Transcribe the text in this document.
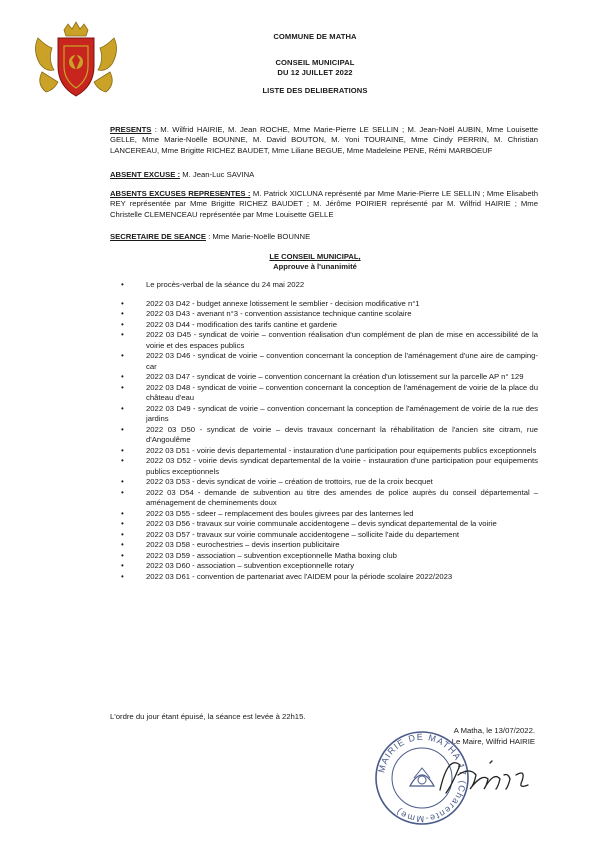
COMMUNE DE MATHA
CONSEIL MUNICIPAL
DU 12 JUILLET 2022
LISTE DES DELIBERATIONS
PRESENTS : M. Wilfrid HAIRIE, M. Jean ROCHE, Mme Marie-Pierre LE SELLIN ; M. Jean-Noël AUBIN, Mme Louisette GELLE, Mme Marie-Noëlle BOUNNE, M. David BOUTON, M. Yoni TOURAINE, Mme Cindy PERRIN, M. Christian LANCEREAU, Mme Brigitte RICHEZ BAUDET, Mme Liliane BEGUE, Mme Madeleine PENE, Rémi MARBOEUF
ABSENT EXCUSE : M. Jean-Luc SAVINA
ABSENTS EXCUSES REPRESENTES : M. Patrick XICLUNA représenté par Mme Marie-Pierre LE SELLIN ; Mme Elisabeth REY représentée par Mme Brigitte RICHEZ BAUDET ; M. Jérôme POIRIER représenté par M. Wilfrid HAIRIE ; Mme Christelle CLEMENCEAU représentée par Mme Louisette GELLE
SECRETAIRE DE SEANCE : Mme Marie-Noëlle BOUNNE
LE CONSEIL MUNICIPAL,
Approuve à l'unanimité
• Le procès-verbal de la séance du 24 mai 2022
• 2022 03 D42 - budget annexe lotissement le semblier - decision modificative n°1
• 2022 03 D43 - avenant n°3 - convention assistance technique cantine scolaire
• 2022 03 D44 - modification des tarifs cantine et garderie
• 2022 03 D45 - syndicat de voirie – convention réalisation d'un complément de plan de mise en accessibilité de la voirie et des espaces publics
• 2022 03 D46 - syndicat de voirie – convention concernant la conception de l'aménagement d'une aire de camping-car
• 2022 03 D47 - syndicat de voirie – convention concernant la création d'un lotissement sur la parcelle AP n° 129
• 2022 03 D48 - syndicat de voirie – convention concernant la conception de l'aménagement de voirie de la place du château d'eau
• 2022 03 D49 - syndicat de voirie – convention concernant la conception de l'aménagement de voirie de la rue des jardins
• 2022 03 D50 - syndicat de voirie – devis travaux concernant la réhabilitation de l'ancien site citram, rue d'Angoulême
• 2022 03 D51 - voirie devis departemental - instauration d'une participation pour equipements publics exceptionnels
• 2022 03 D52 - voirie devis syndicat departemental de la voirie - instauration d'une participation pour equipements publics exceptionnels
• 2022 03 D53 - devis syndicat de voirie – création de trottoirs, rue de la croix becquet
• 2022 03 D54 - demande de subvention au titre des amendes de police auprès du conseil départemental – aménagement de cheminements doux
• 2022 03 D55 - sdeer – remplacement des boules givrees par des lanternes led
• 2022 03 D56 - travaux sur voirie communale accidentogene – devis syndicat departemental de la voirie
• 2022 03 D57 - travaux sur voirie communale accidentogene – sollicite l'aide du departement
• 2022 03 D58 - eurochestries – devis insertion publicitaire
• 2022 03 D59 - association – subvention exceptionnelle Matha boxing club
• 2022 03 D60 - association – subvention exceptionnelle rotary
• 2022 03 D61 - convention de partenariat avec l'AIDEM pour la période scolaire 2022/2023
L'ordre du jour étant épuisé, la séance est levée à 22h15.
A Matha, le 13/07/2022.
Le Maire, Wilfrid HAIRIE
MAIRIE DE MATHA 17 (Charente-Mme)
